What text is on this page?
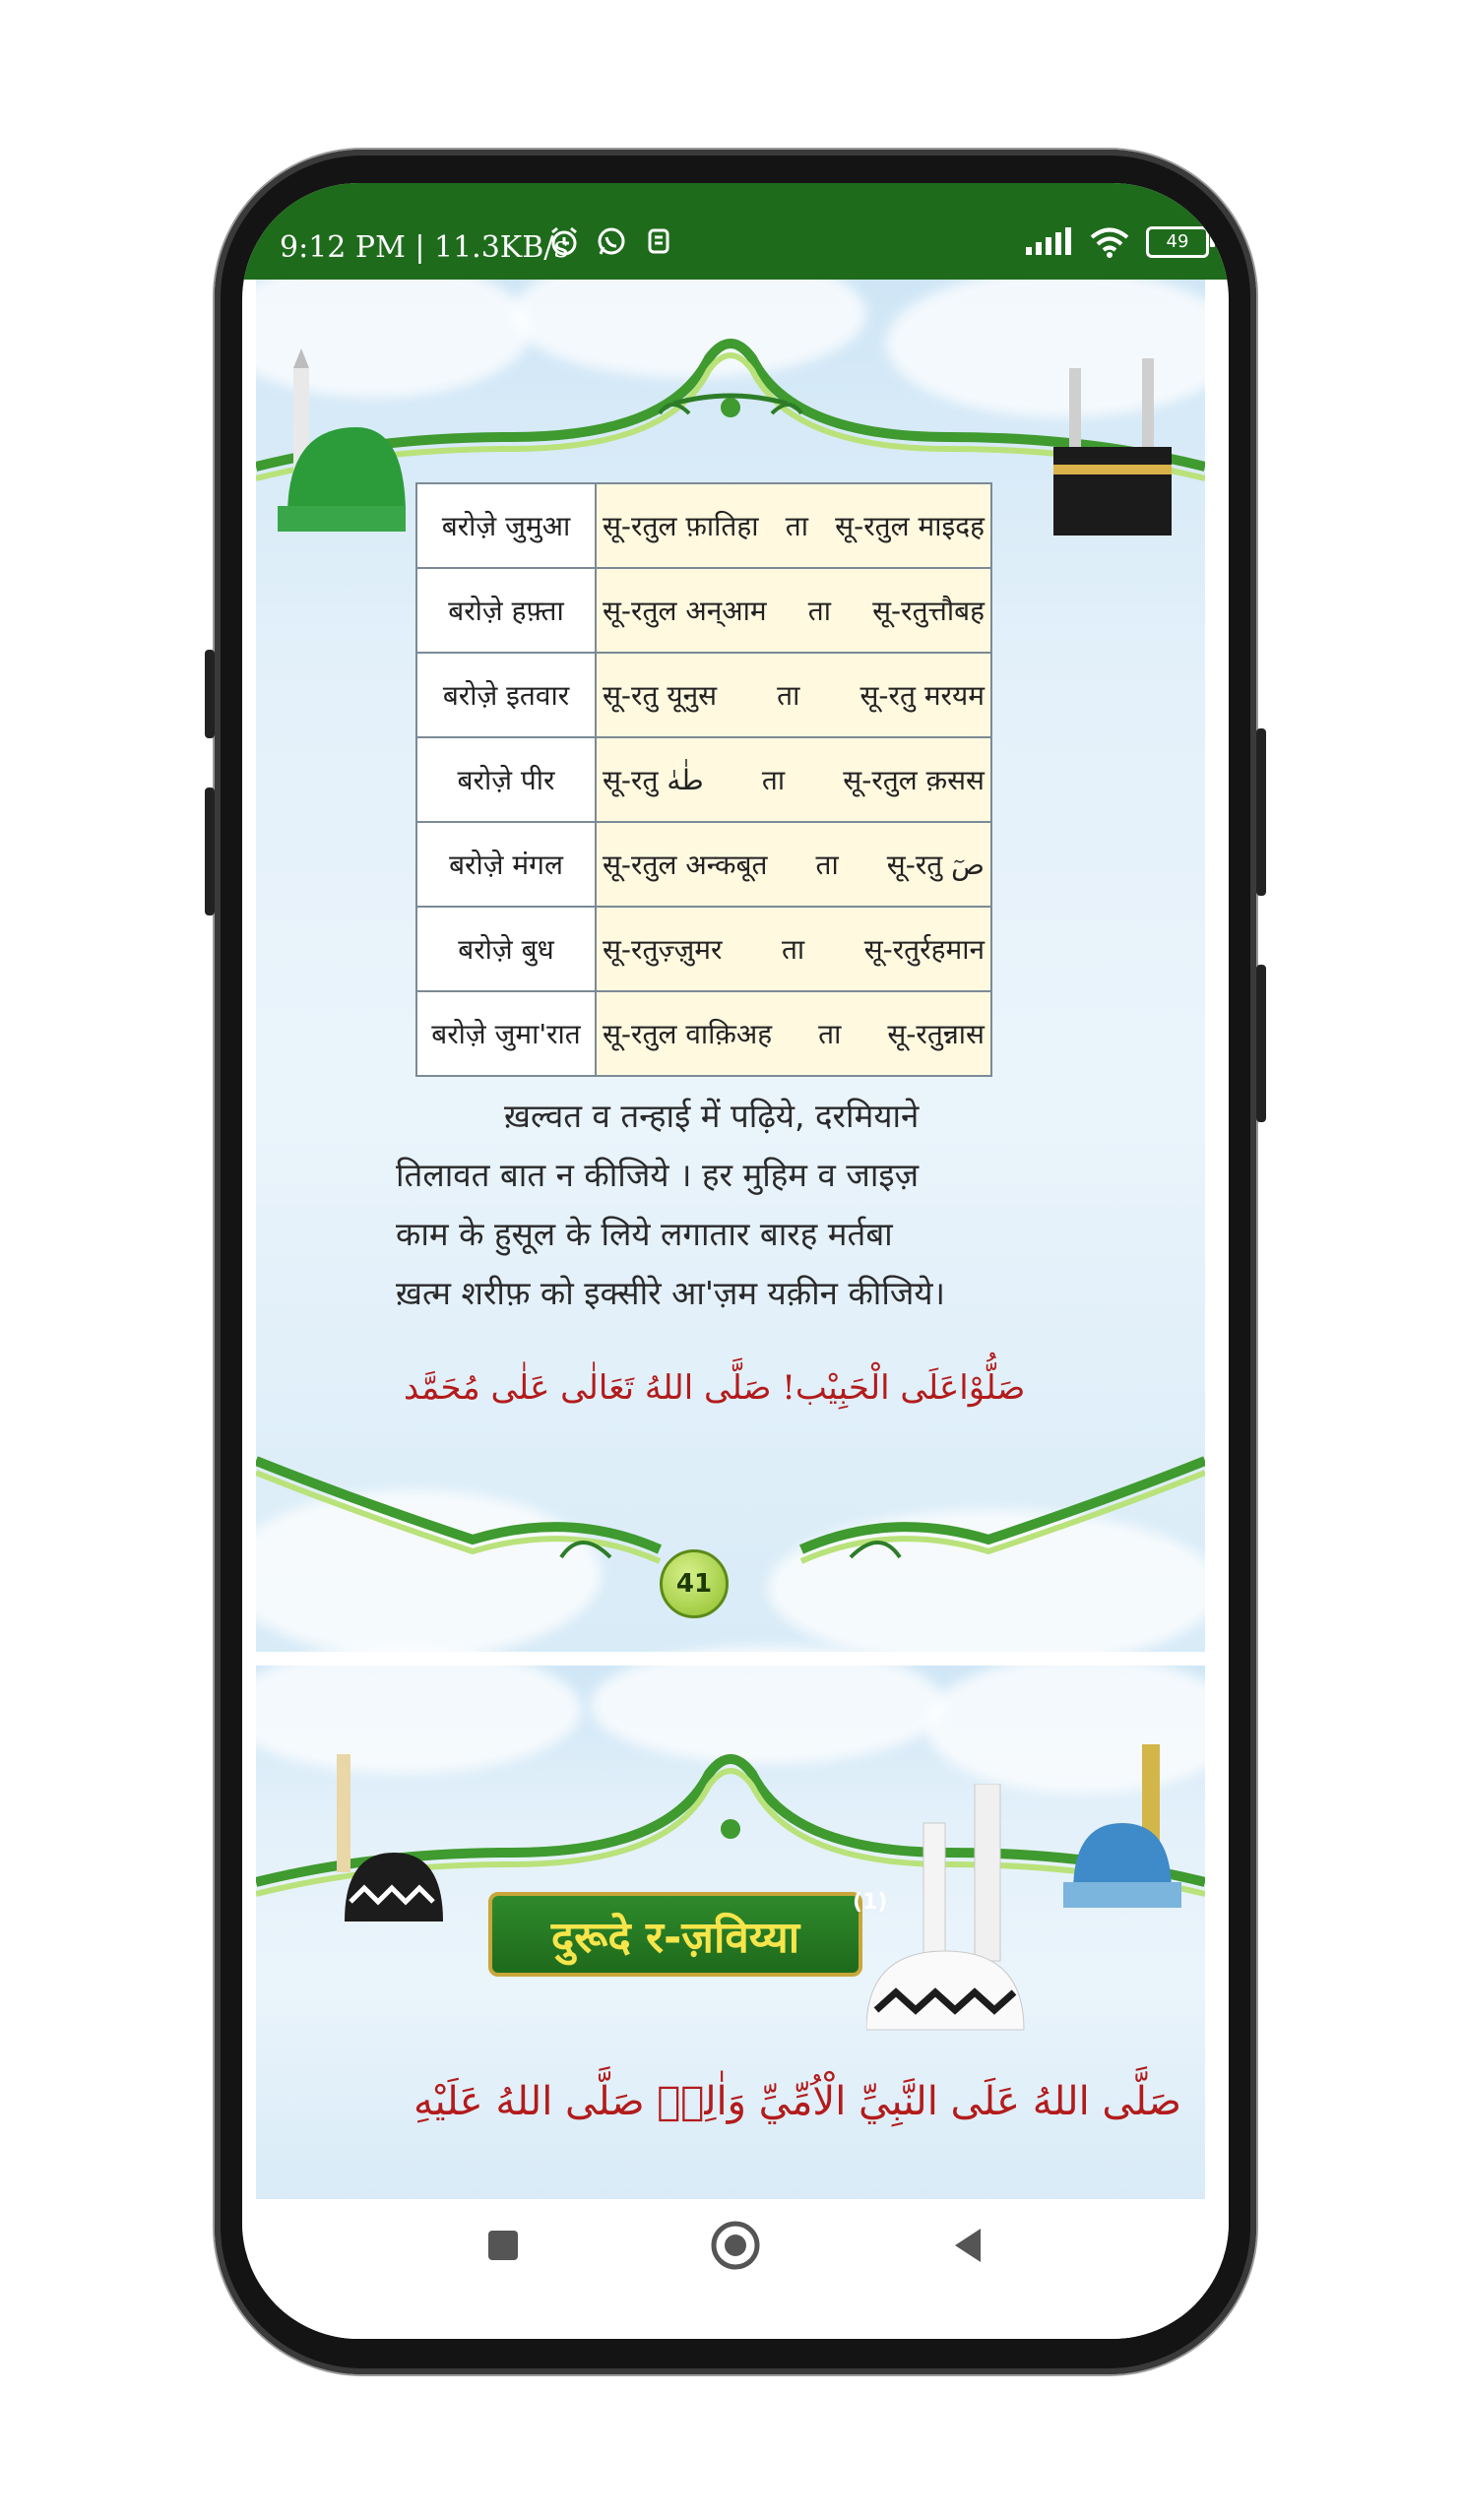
9:12 PM | 11.3KB/s	49
बरोज़े जुमुआ	सू-रतुल फ़ातिहा ता सू-रतुल माइदह

बरोज़े हफ़्ता	सू-रतुल अन्आम ता सू-रतुत्तौबह

बरोज़े इतवार	सू-रतु यूनुस ता सू-रतु मरयम

बरोज़े पीर	सू-रतु طٰهٰ ता सू-रतुल क़सस

बरोज़े मंगल	सू-रतुल अन्कबूत ता सू-रतु صٓ

बरोज़े बुध	सू-रतुज़्ज़ुमर ता सू-रतुर्रहमान

बरोज़े जुमा'रात	सू-रतुल वाक़िअह ता सू-रतुन्नास

ख़ल्वत व तन्हाई में पढ़िये, दरमियाने

तिलावत बात न कीजिये । हर मुहिम व जाइज़

काम के हुसूल के लिये लगातार बारह मर्तबा

ख़त्म शरीफ़ को इक्सीरे आ'ज़म यक़ीन कीजिये।

صَلُّوْاعَلَى الْحَبِيْب! صَلَّى اللهُ تَعَالٰى عَلٰى مُحَمَّد
41
صَلَّى اللهُ عَلَى النَّبِيِّ الْاُمِّيِّ وَاٰلِهٖ صَلَّى اللهُ عَلَيْهِ
दुरूदे र-ज़विय्या
(1)
